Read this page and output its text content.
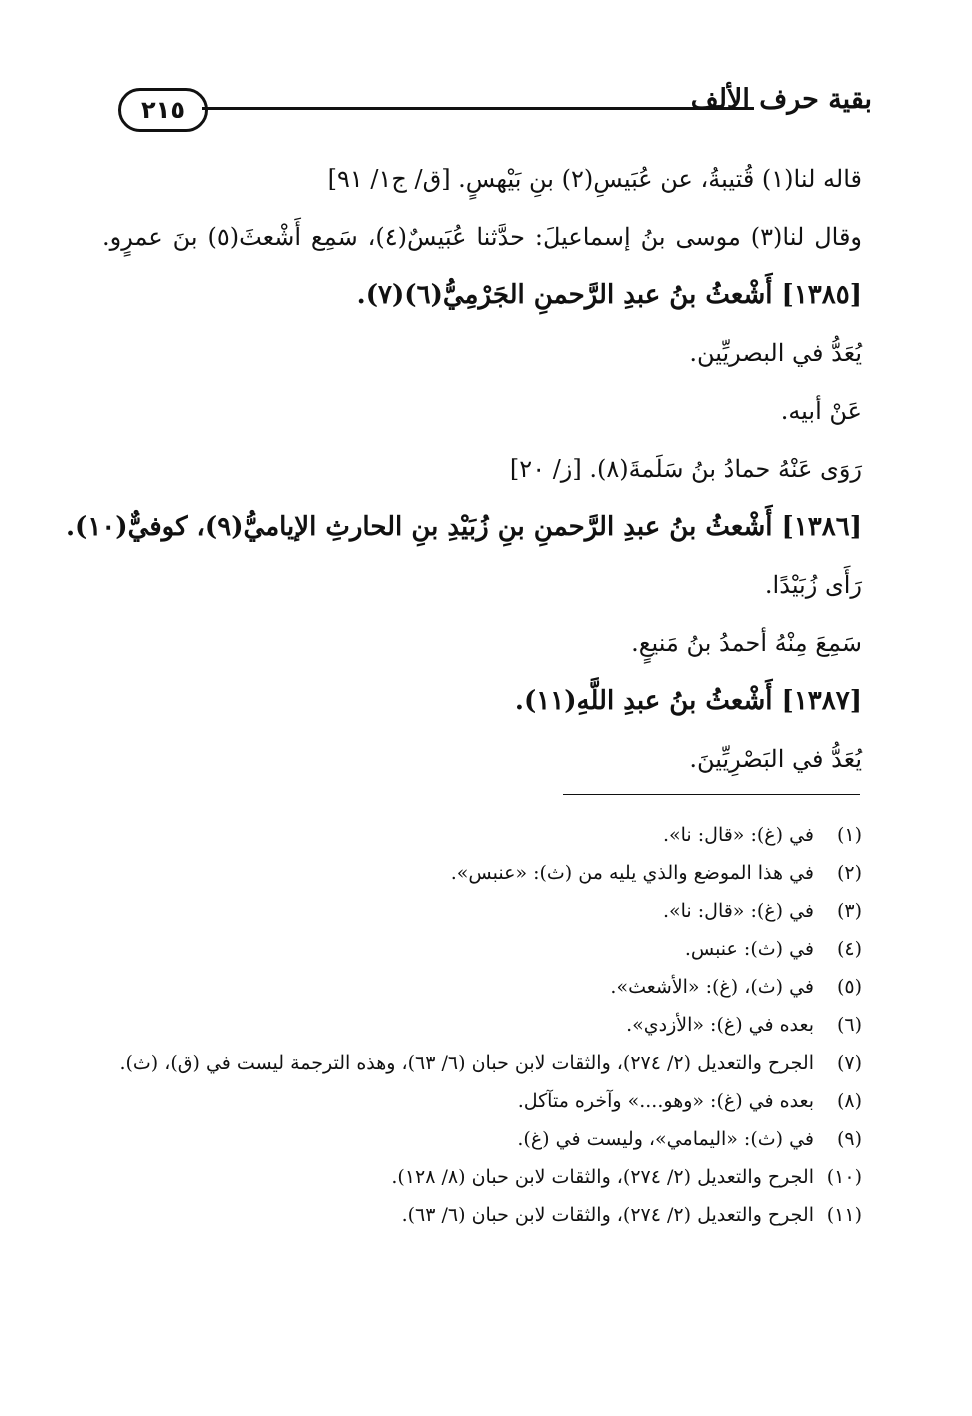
٢١٥	بقية حرف الألف
قاله لنا(١) قُتيبةُ، عن عُبَيسِ(٢) بنِ بَيْهسٍ. [ق/ ج١/ ٩١]
وقال لنا(٣) موسى بنُ إسماعيلَ: حدَّثنا عُبَيسٌ(٤)، سَمِع أَشْعثَ(٥) بنَ عمرٍو.
[١٣٨٥] أَشْعثُ بنُ عبدِ الرَّحمنِ الجَرْمِيُّ(٦)(٧).
يُعَدُّ في البصريِّين.
عَنْ أبيه.
رَوَى عَنْهُ حمادُ بنُ سَلَمةَ(٨). [ز/ ٢٠]
[١٣٨٦] أَشْعثُ بنُ عبدِ الرَّحمنِ بنِ زُبَيْدِ بنِ الحارثِ الإياميُّ(٩)، كوفيٌّ(١٠).
رَأَى زُبَيْدًا.
سَمِعَ مِنْهُ أحمدُ بنُ مَنيعٍ.
[١٣٨٧] أَشْعثُ بنُ عبدِ اللَّهِ(١١).
يُعَدُّ في البَصْرِيِّينَ.
(١)
في (غ): «قال: نا».
(٢)
في هذا الموضع والذي يليه من (ث): «عنبس».
(٣)
في (غ): «قال: نا».
(٤)
في (ث): عنبس.
(٥)
في (ث)، (غ): «الأشعث».
(٦)
بعده في (غ): «الأزدي».
(٧)
الجرح والتعديل (٢/ ٢٧٤)، والثقات لابن حبان (٦/ ٦٣)، وهذه الترجمة ليست في (ق)، (ث).
(٨)
بعده في (غ): «وهو....» وآخره متآكل.
(٩)
في (ث): «اليمامي»، وليست في (غ).
(١٠)
الجرح والتعديل (٢/ ٢٧٤)، والثقات لابن حبان (٨/ ١٢٨).
(١١)
الجرح والتعديل (٢/ ٢٧٤)، والثقات لابن حبان (٦/ ٦٣).
